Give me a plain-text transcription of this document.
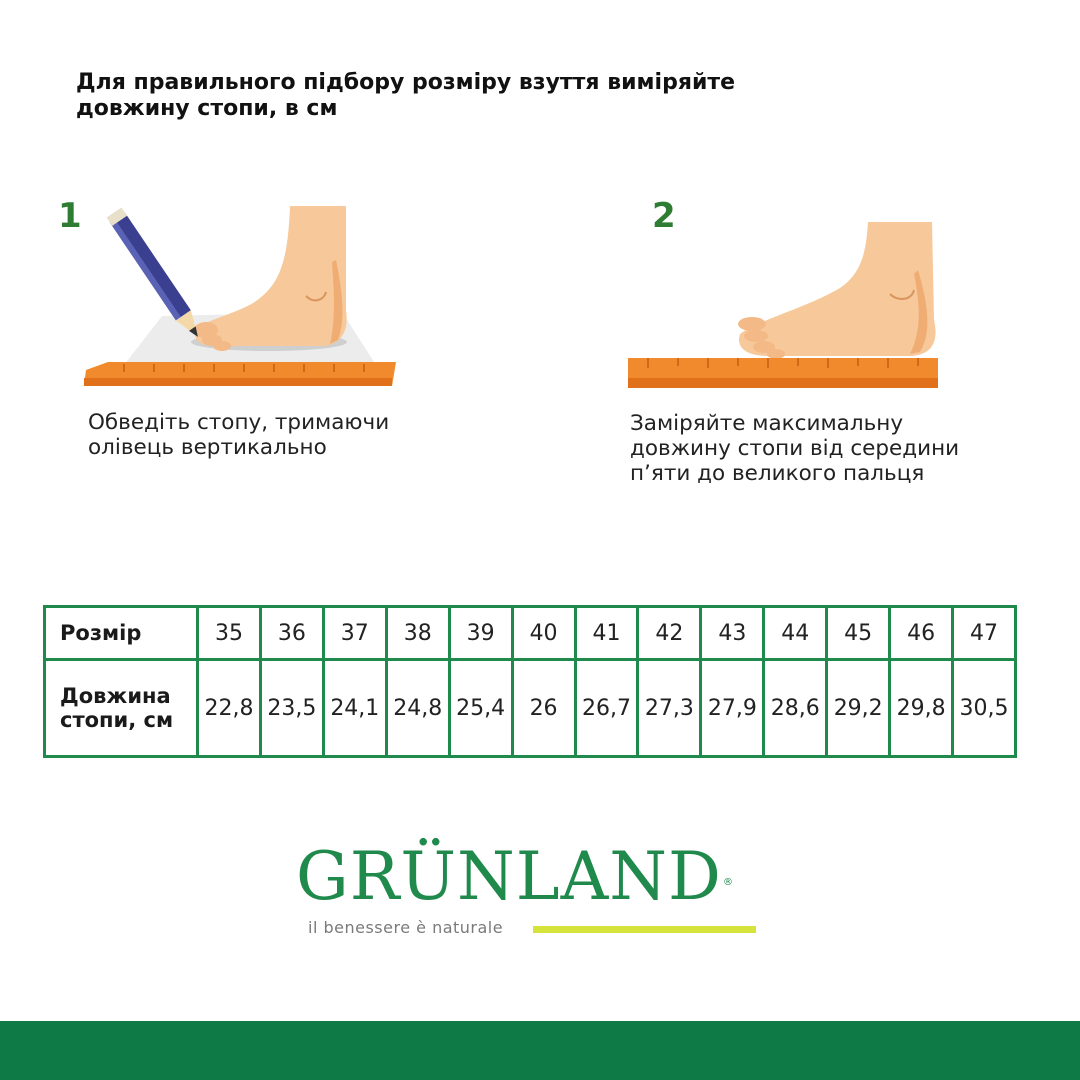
Для правильного підбору розміру взуття виміряйте довжину стопи, в см
1
Обведіть стопу, тримаючи
олівець вертикально
2
Заміряйте максимальну
довжину стопи від середини
п’яти до великого пальця
Розмір	35	36	37	38	39	40	41	42	43	44	45	46	47

Довжина
стопи, см	22,8	23,5	24,1	24,8	25,4	26	26,7	27,3	27,9	28,6	29,2	29,8	30,5
GRÜNLAND ®
il benessere è naturale
